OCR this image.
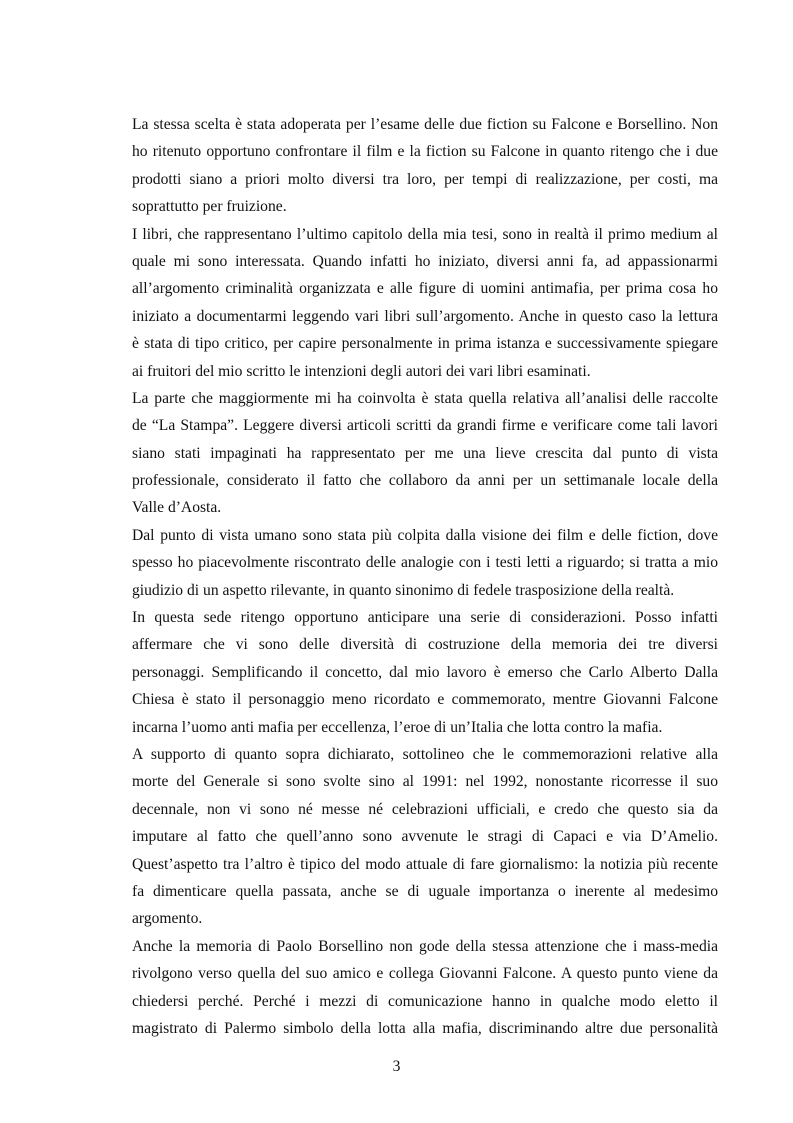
La stessa scelta è stata adoperata per l’esame delle due fiction su Falcone e Borsellino. Non
ho ritenuto opportuno confrontare il film e la fiction su Falcone in quanto ritengo che i due
prodotti siano a priori molto diversi tra loro, per tempi di realizzazione, per costi, ma
soprattutto per fruizione.
I libri, che rappresentano l’ultimo capitolo della mia tesi, sono in realtà il primo medium al
quale mi sono interessata. Quando infatti ho iniziato, diversi anni fa, ad appassionarmi
all’argomento criminalità organizzata e alle figure di uomini antimafia, per prima cosa ho
iniziato a documentarmi leggendo vari libri sull’argomento. Anche in questo caso la lettura
è stata di tipo critico, per capire personalmente in prima istanza e successivamente spiegare
ai fruitori del mio scritto le intenzioni degli autori dei vari libri esaminati.
La parte che maggiormente mi ha coinvolta è stata quella relativa all’analisi delle raccolte
de “La Stampa”. Leggere diversi articoli scritti da grandi firme e verificare come tali lavori
siano stati impaginati ha rappresentato per me una lieve crescita dal punto di vista
professionale, considerato il fatto che collaboro da anni per un settimanale locale della
Valle d’Aosta.
Dal punto di vista umano sono stata più colpita dalla visione dei film e delle fiction, dove
spesso ho piacevolmente riscontrato delle analogie con i testi letti a riguardo; si tratta a mio
giudizio di un aspetto rilevante, in quanto sinonimo di fedele trasposizione della realtà.
In questa sede ritengo opportuno anticipare una serie di considerazioni. Posso infatti
affermare che vi sono delle diversità di costruzione della memoria dei tre diversi
personaggi. Semplificando il concetto, dal mio lavoro è emerso che Carlo Alberto Dalla
Chiesa è stato il personaggio meno ricordato e commemorato, mentre Giovanni Falcone
incarna l’uomo anti mafia per eccellenza, l’eroe di un’Italia che lotta contro la mafia.
A supporto di quanto sopra dichiarato, sottolineo che le commemorazioni relative alla
morte del Generale si sono svolte sino al 1991: nel 1992, nonostante ricorresse il suo
decennale, non vi sono né messe né celebrazioni ufficiali, e credo che questo sia da
imputare al fatto che quell’anno sono avvenute le stragi di Capaci e via D’Amelio.
Quest’aspetto tra l’altro è tipico del modo attuale di fare giornalismo: la notizia più recente
fa dimenticare quella passata, anche se di uguale importanza o inerente al medesimo
argomento.
Anche la memoria di Paolo Borsellino non gode della stessa attenzione che i mass-media
rivolgono verso quella del suo amico e collega Giovanni Falcone. A questo punto viene da
chiedersi perché. Perché i mezzi di comunicazione hanno in qualche modo eletto il
magistrato di Palermo simbolo della lotta alla mafia, discriminando altre due personalità
3
